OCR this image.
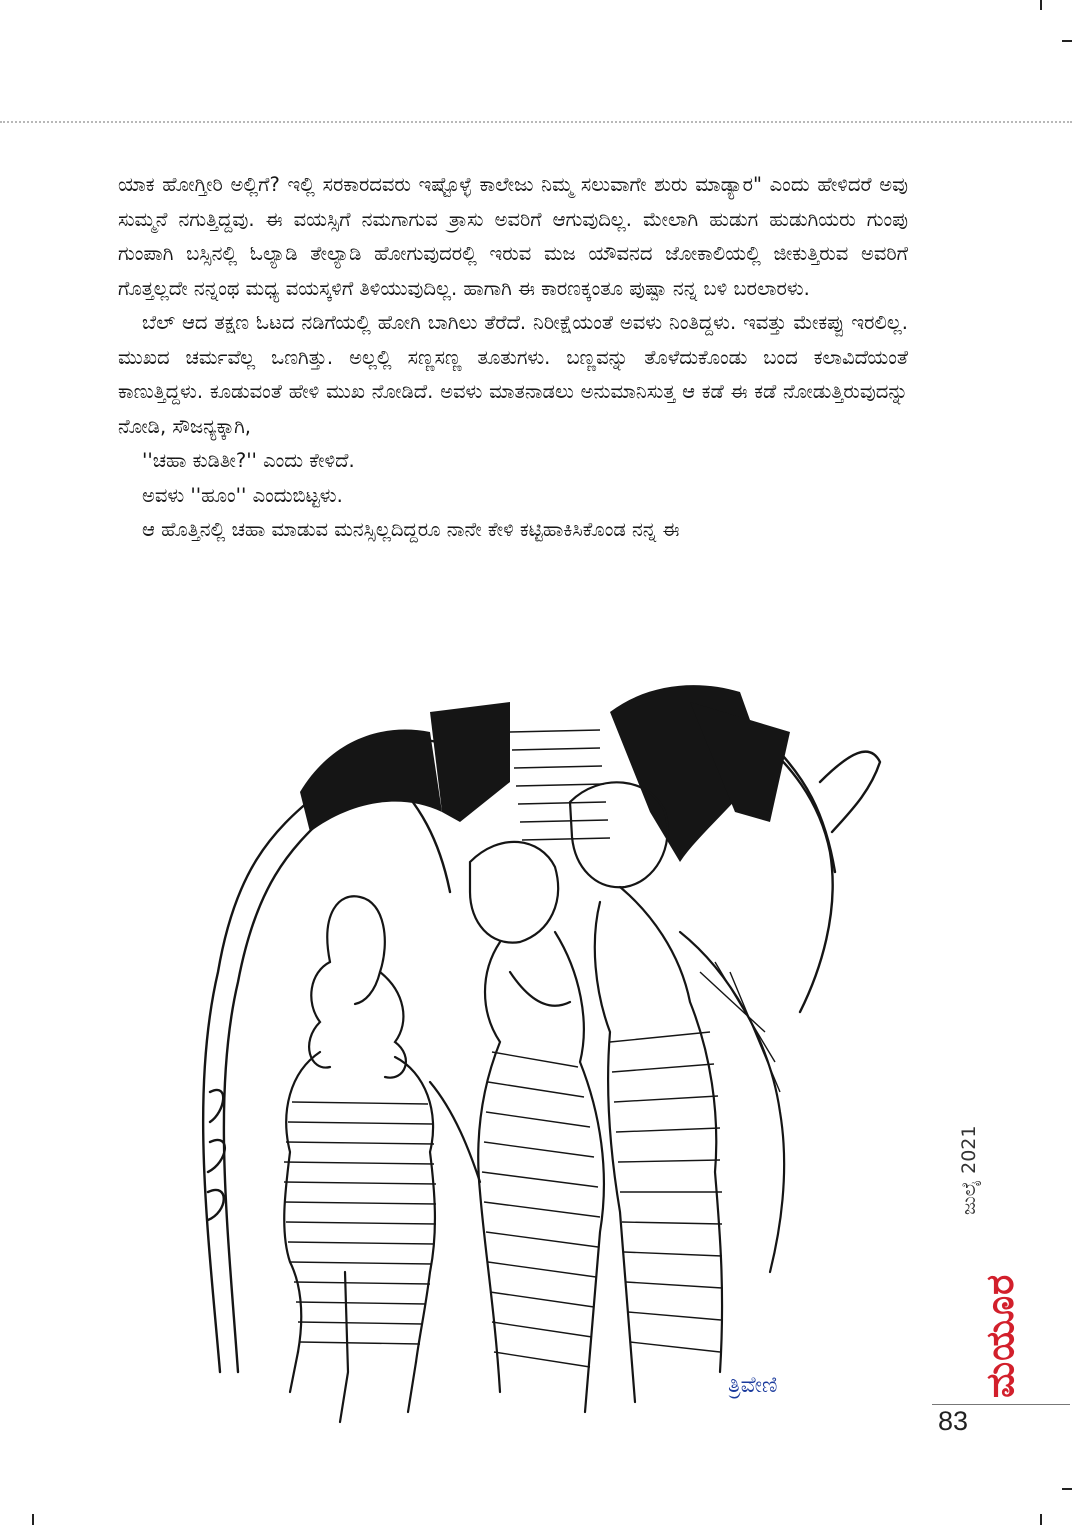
ಯಾಕ ಹೋಗ್ತೀರಿ ಅಲ್ಲಿಗೆ? ಇಲ್ಲಿ ಸರಕಾರದವರು ಇಷ್ಟೊಳ್ಳೆ ಕಾಲೇಜು ನಿಮ್ಮ ಸಲುವಾಗೇ ಶುರು ಮಾಡ್ಯಾರ" ಎಂದು ಹೇಳಿದರೆ ಅವು ಸುಮ್ಮನೆ ನಗುತ್ತಿದ್ದವು. ಈ ವಯಸ್ಸಿಗೆ ನಮಗಾಗುವ ತ್ರಾಸು ಅವರಿಗೆ ಆಗುವುದಿಲ್ಲ. ಮೇಲಾಗಿ ಹುಡುಗ ಹುಡುಗಿಯರು ಗುಂಪು ಗುಂಪಾಗಿ ಬಸ್ಸಿನಲ್ಲಿ ಓಲ್ಯಾಡಿ ತೇಲ್ಯಾಡಿ ಹೋಗುವುದರಲ್ಲಿ ಇರುವ ಮಜ ಯೌವನದ ಜೋಕಾಲಿಯಲ್ಲಿ ಜೀಕುತ್ತಿರುವ ಅವರಿಗೆ ಗೊತ್ತಲ್ಲದೇ ನನ್ನಂಥ ಮಧ್ಯ ವಯಸ್ಕಳಿಗೆ ತಿಳಿಯುವುದಿಲ್ಲ. ಹಾಗಾಗಿ ಈ ಕಾರಣಕ್ಕಂತೂ ಪುಷ್ಪಾ ನನ್ನ ಬಳಿ ಬರಲಾರಳು.

ಬೆಲ್ ಆದ ತಕ್ಷಣ ಓಟದ ನಡಿಗೆಯಲ್ಲಿ ಹೋಗಿ ಬಾಗಿಲು ತೆರೆದೆ. ನಿರೀಕ್ಷೆಯಂತೆ ಅವಳು ನಿಂತಿದ್ದಳು. ಇವತ್ತು ಮೇಕಪ್ಪು ಇರಲಿಲ್ಲ. ಮುಖದ ಚರ್ಮವೆಲ್ಲ ಒಣಗಿತ್ತು. ಅಲ್ಲಲ್ಲಿ ಸಣ್ಣಸಣ್ಣ ತೂತುಗಳು. ಬಣ್ಣವನ್ನು ತೊಳೆದುಕೊಂಡು ಬಂದ ಕಲಾವಿದೆಯಂತೆ ಕಾಣುತ್ತಿದ್ದಳು. ಕೂಡುವಂತೆ ಹೇಳಿ ಮುಖ ನೋಡಿದೆ. ಅವಳು ಮಾತನಾಡಲು ಅನುಮಾನಿಸುತ್ತ ಆ ಕಡೆ ಈ ಕಡೆ ನೋಡುತ್ತಿರುವುದನ್ನು ನೋಡಿ, ಸೌಜನ್ಯಕ್ಕಾಗಿ,

''ಚಹಾ ಕುಡಿತೀ?'' ಎಂದು ಕೇಳಿದೆ.

ಅವಳು ''ಹೂಂ'' ಎಂದುಬಿಟ್ಟಳು.

ಆ ಹೊತ್ತಿನಲ್ಲಿ ಚಹಾ ಮಾಡುವ ಮನಸ್ಸಿಲ್ಲದಿದ್ದರೂ ನಾನೇ ಕೇಳಿ ಕಟ್ಟಿಹಾಕಿಸಿಕೊಂಡ ನನ್ನ ಈ

ತ್ರಿವೇಣಿ
ಜುಲೈ 2021
ಮಯೂರ
83
